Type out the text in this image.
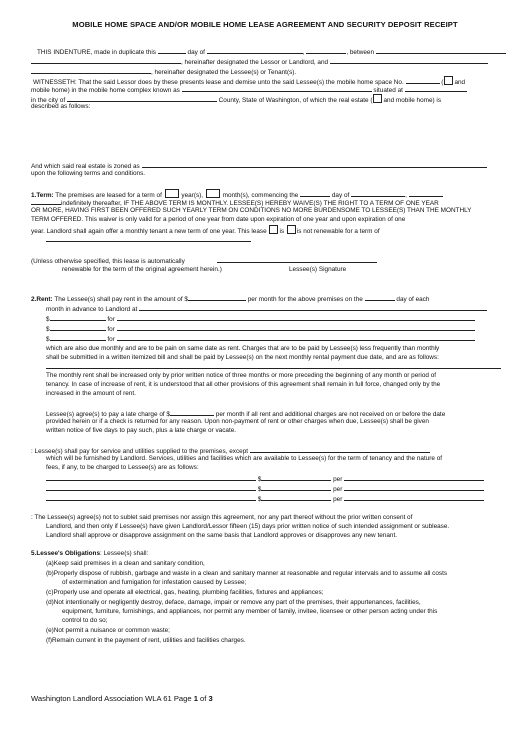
MOBILE HOME SPACE AND/OR MOBILE HOME LEASE AGREEMENT AND SECURITY DEPOSIT RECEIPT
THIS INDENTURE, made in duplicate this	day of	,	, between
, hereinafter designated the Lessor or Landlord, and
, hereinafter designated the Lessee(s) or Tenant(s).
WITNESSETH: That the said Lessor does by these presents lease and demise unto the said Lessee(s) the mobile home space No.	( and
mobile home) in the mobile home complex known as	situated at
in the city of	County, State of Washington, of which the real estate ( and mobile home) is
described as follows:
And which said real estate is zoned as
upon the following terms and conditions.
1.Term: The premises are leased for a term of	year(s),	month(s), commencing the	day of	,
indefinitely thereafter, IF THE ABOVE TERM IS MONTHLY. LESSEE(S) HEREBY WAIVE(S) THE RIGHT TO A TERM OF ONE YEAR
OR MORE, HAVING FIRST BEEN OFFERED SUCH YEARLY TERM ON CONDITIONS NO MORE BURDENSOME TO LESSEE(S) THAN THE MONTHLY
TERM OFFERED. This waiver is only valid for a period of one year from date upon expiration of one year and upon expiration of one
year. Landlord shall again offer a monthly tenant a new term of one year. This lease is is not renewable for a term of
(Unless otherwise specified, this lease is automatically
renewable for the term of the original agreement herein.)	Lessee(s) Signature
2.Rent: The Lessee(s) shall pay rent in the amount of $	per month for the above premises on the	day of each
month in advance to Landlord at
$	for
$	for
$	for
which are also due monthly and are to be pain on same date as rent. Charges that are to be paid by Lessee(s) less frequently than monthly
shall be submitted in a written itemized bill and shall be paid by Lessee(s) on the next monthly rental payment due date, and are as follows:
The monthly rent shall be increased only by prior written notice of three months or more preceding the beginning of any month or period of
tenancy. In case of increase of rent, it is understood that all other provisions of this agreement shall remain in full force, changed only by the
increased in the amount of rent.
Lessee(s) agree(s) to pay a late charge of $	per month if all rent and additional charges are not received on or before the date
provided herein or if a check is returned for any reason. Upon non-payment of rent or other charges when due, Lessee(s) shall be given
written notice of five days to pay such, plus a late charge or vacate.
: Lessee(s) shall pay for service and utilities supplied to the premises, except
which will be furnished by Landlord. Services, utilities and facilities which are available to Lessee(s) for the term of tenancy and the nature of
fees, if any, to be charged to Lessee(s) are as follows:
$	per
$	per
$	per
: The Lessee(s) agree(s) not to sublet said premises nor assign this agreement, nor any part thereof without the prior written consent of
Landlord, and then only if Lessee(s) have given Landlord/Lessor fifteen (15) days prior written notice of such intended assignment or sublease.
Landlord shall approve or disapprove assignment on the same basis that Landlord approves or disapproves any new tenant.
5.Lessee's Obligations: Lessee(s) shall:
(a)Keep said premises in a clean and sanitary condition,
(b)Properly dispose of rubbish, garbage and waste in a clean and sanitary manner at reasonable and regular intervals and to assume all costs
of extermination and fumigation for infestation caused by Lessee;
(c)Properly use and operate all electrical, gas, heating, plumbing facilities, fixtures and appliances;
(d)Not intentionally or negligently destroy, deface, damage, impair or remove any part of the premises, their appurtenances, facilities,
equipment, furniture, furnishings, and appliances, nor permit any member of family, invitee, licensee or other person acting under this
control to do so;
(e)Not permit a nuisance or common waste;
(f)Remain current in the payment of rent, utilities and facilities charges.
Washington Landlord Association WLA 61 Page 1 of 3
